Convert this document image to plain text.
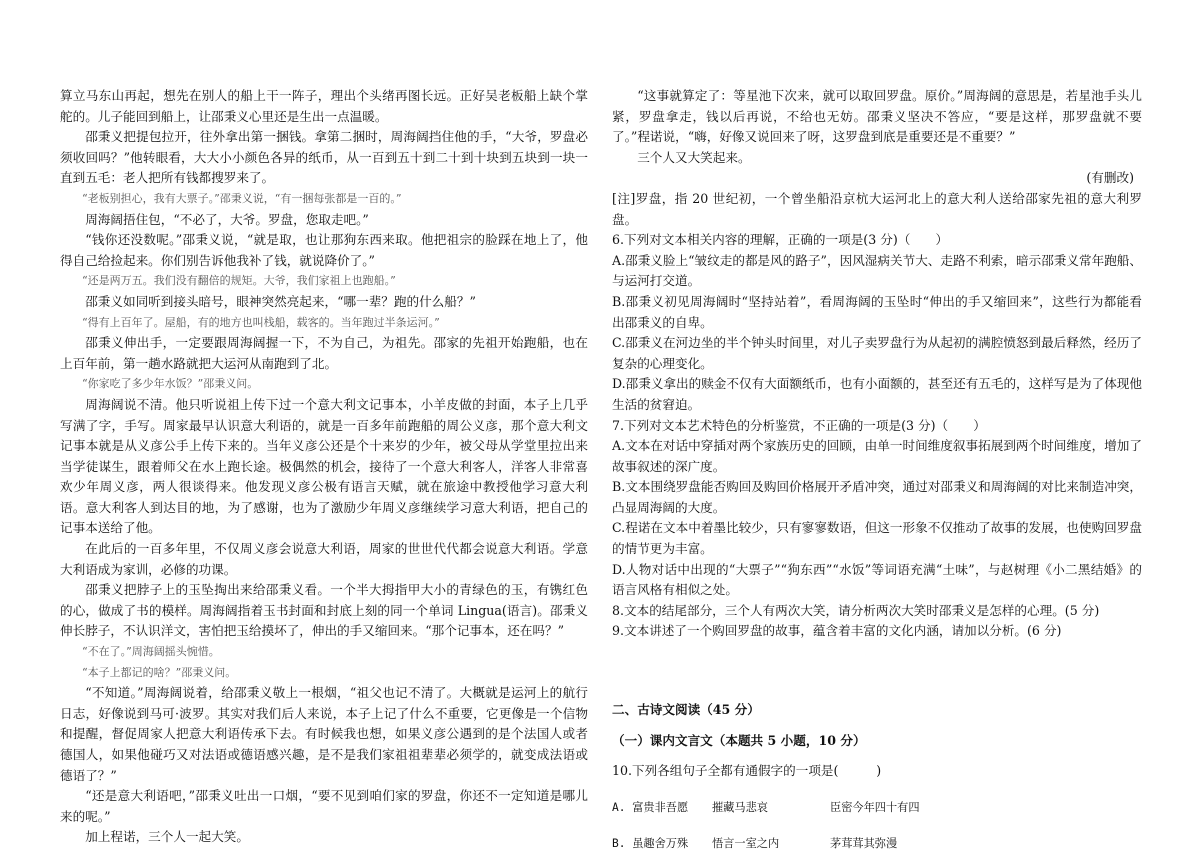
算立马东山再起，想先在别人的船上干一阵子，理出个头绪再图长远。正好吴老板船上缺个掌舵的。儿子能回到船上，让邵秉义心里还是生出一点温暖。

邵秉义把提包拉开，往外拿出第一捆钱。拿第二捆时，周海阔挡住他的手，“大爷，罗盘必须收回吗？”他转眼看，大大小小颜色各异的纸币，从一百到五十到二十到十块到五块到一块一直到五毛：老人把所有钱都搜罗来了。

“老板别担心，我有大票子。”邵秉义说，“有一捆每张都是一百的。”

周海阔捂住包，“不必了，大爷。罗盘，您取走吧。”

“钱你还没数呢。”邵秉义说，“就是取，也让那狗东西来取。他把祖宗的脸踩在地上了，他得自己给捡起来。你们别告诉他我补了钱，就说降价了。”

“还是两万五。我们没有翻倍的规矩。大爷，我们家祖上也跑船。”

邵秉义如同听到接头暗号，眼神突然亮起来，“哪一辈？跑的什么船？”

“得有上百年了。屋船，有的地方也叫栈船，载客的。当年跑过半条运河。”

邵秉义伸出手，一定要跟周海阔握一下，不为自己，为祖先。邵家的先祖开始跑船，也在上百年前，第一趟水路就把大运河从南跑到了北。

“你家吃了多少年水饭？”邵秉义问。

周海阔说不清。他只听说祖上传下过一个意大利文记事本，小羊皮做的封面，本子上几乎写满了字，手写。周家最早认识意大利语的，就是一百多年前跑船的周公义彦，那个意大利文记事本就是从义彦公手上传下来的。当年义彦公还是个十来岁的少年，被父母从学堂里拉出来当学徒谋生，跟着师父在水上跑长途。极偶然的机会，接待了一个意大利客人，洋客人非常喜欢少年周义彦，两人很谈得来。他发现义彦公极有语言天赋，就在旅途中教授他学习意大利语。意大利客人到达目的地，为了感谢，也为了激励少年周义彦继续学习意大利语，把自己的记事本送给了他。

在此后的一百多年里，不仅周义彦会说意大利语，周家的世世代代都会说意大利语。学意大利语成为家训，必修的功课。

邵秉义把脖子上的玉坠掏出来给邵秉义看。一个半大拇指甲大小的青绿色的玉，有镌红色的心，做成了书的模样。周海阔指着玉书封面和封底上刻的同一个单词 Lingua(语言)。邵秉义伸长脖子，不认识洋文，害怕把玉给摸坏了，伸出的手又缩回来。“那个记事本，还在吗？”

“不在了。”周海阔摇头惋惜。

“本子上都记的啥？”邵秉义问。

“不知道。”周海阔说着，给邵秉义敬上一根烟，“祖父也记不清了。大概就是运河上的航行日志，好像说到马可·波罗。其实对我们后人来说，本子上记了什么不重要，它更像是一个信物和提醒，督促周家人把意大利语传承下去。有时候我也想，如果义彦公遇到的是个法国人或者德国人，如果他碰巧又对法语或德语感兴趣，是不是我们家祖祖辈辈必须学的，就变成法语或德语了？”

“还是意大利语吧，”邵秉义吐出一口烟，“要不见到咱们家的罗盘，你还不一定知道是哪儿来的呢。”

加上程诺，三个人一起大笑。

“这事就算定了：等星池下次来，就可以取回罗盘。原价。”周海阔的意思是，若星池手头儿紧，罗盘拿走，钱以后再说，不给也无妨。邵秉义坚决不答应，“要是这样，那罗盘就不要了。”程诺说，“嗨，好像又说回来了呀，这罗盘到底是重要还是不重要？”

三个人又大笑起来。

(有删改)

[注]罗盘，指 20 世纪初，一个曾坐船沿京杭大运河北上的意大利人送给邵家先祖的意大利罗盘。

6.下列对文本相关内容的理解，正确的一项是(3 分)（　　）

A.邵秉义脸上“皱纹走的都是风的路子”，因风湿病关节大、走路不利索，暗示邵秉义常年跑船、与运河打交道。

B.邵秉义初见周海阔时“坚持站着”，看周海阔的玉坠时“伸出的手又缩回来”，这些行为都能看出邵秉义的自卑。

C.邵秉义在河边坐的半个钟头时间里，对儿子卖罗盘行为从起初的满腔愤怒到最后释然，经历了复杂的心理变化。

D.邵秉义拿出的赎金不仅有大面额纸币，也有小面额的，甚至还有五毛的，这样写是为了体现他生活的贫窘迫。

7.下列对文本艺术特色的分析鉴赏，不正确的一项是(3 分)（　　）

A.文本在对话中穿插对两个家族历史的回顾，由单一时间维度叙事拓展到两个时间维度，增加了故事叙述的深广度。

B.文本围绕罗盘能否购回及购回价格展开矛盾冲突，通过对邵秉义和周海阔的对比来制造冲突，凸显周海阔的大度。

C.程诺在文本中着墨比较少，只有寥寥数语，但这一形象不仅推动了故事的发展，也使购回罗盘的情节更为丰富。

D.人物对话中出现的“大票子”“狗东西”“水饭”等词语充满“土味”，与赵树理《小二黑结婚》的语言风格有相似之处。

8.文本的结尾部分，三个人有两次大笑，请分析两次大笑时邵秉义是怎样的心理。(5 分)

9.文本讲述了一个购回罗盘的故事，蕴含着丰富的文化内涵，请加以分析。(6 分)

二、古诗文阅读（45 分）

（一）课内文言文（本题共 5 小题，10 分）

10.下列各组句子全都有通假字的一项是(　　　)

A. 富贵非吾愿	摧藏马悲哀	臣密今年四十有四
B. 虽趣舍万殊	悟言一室之内	茅茸茸其弥漫
